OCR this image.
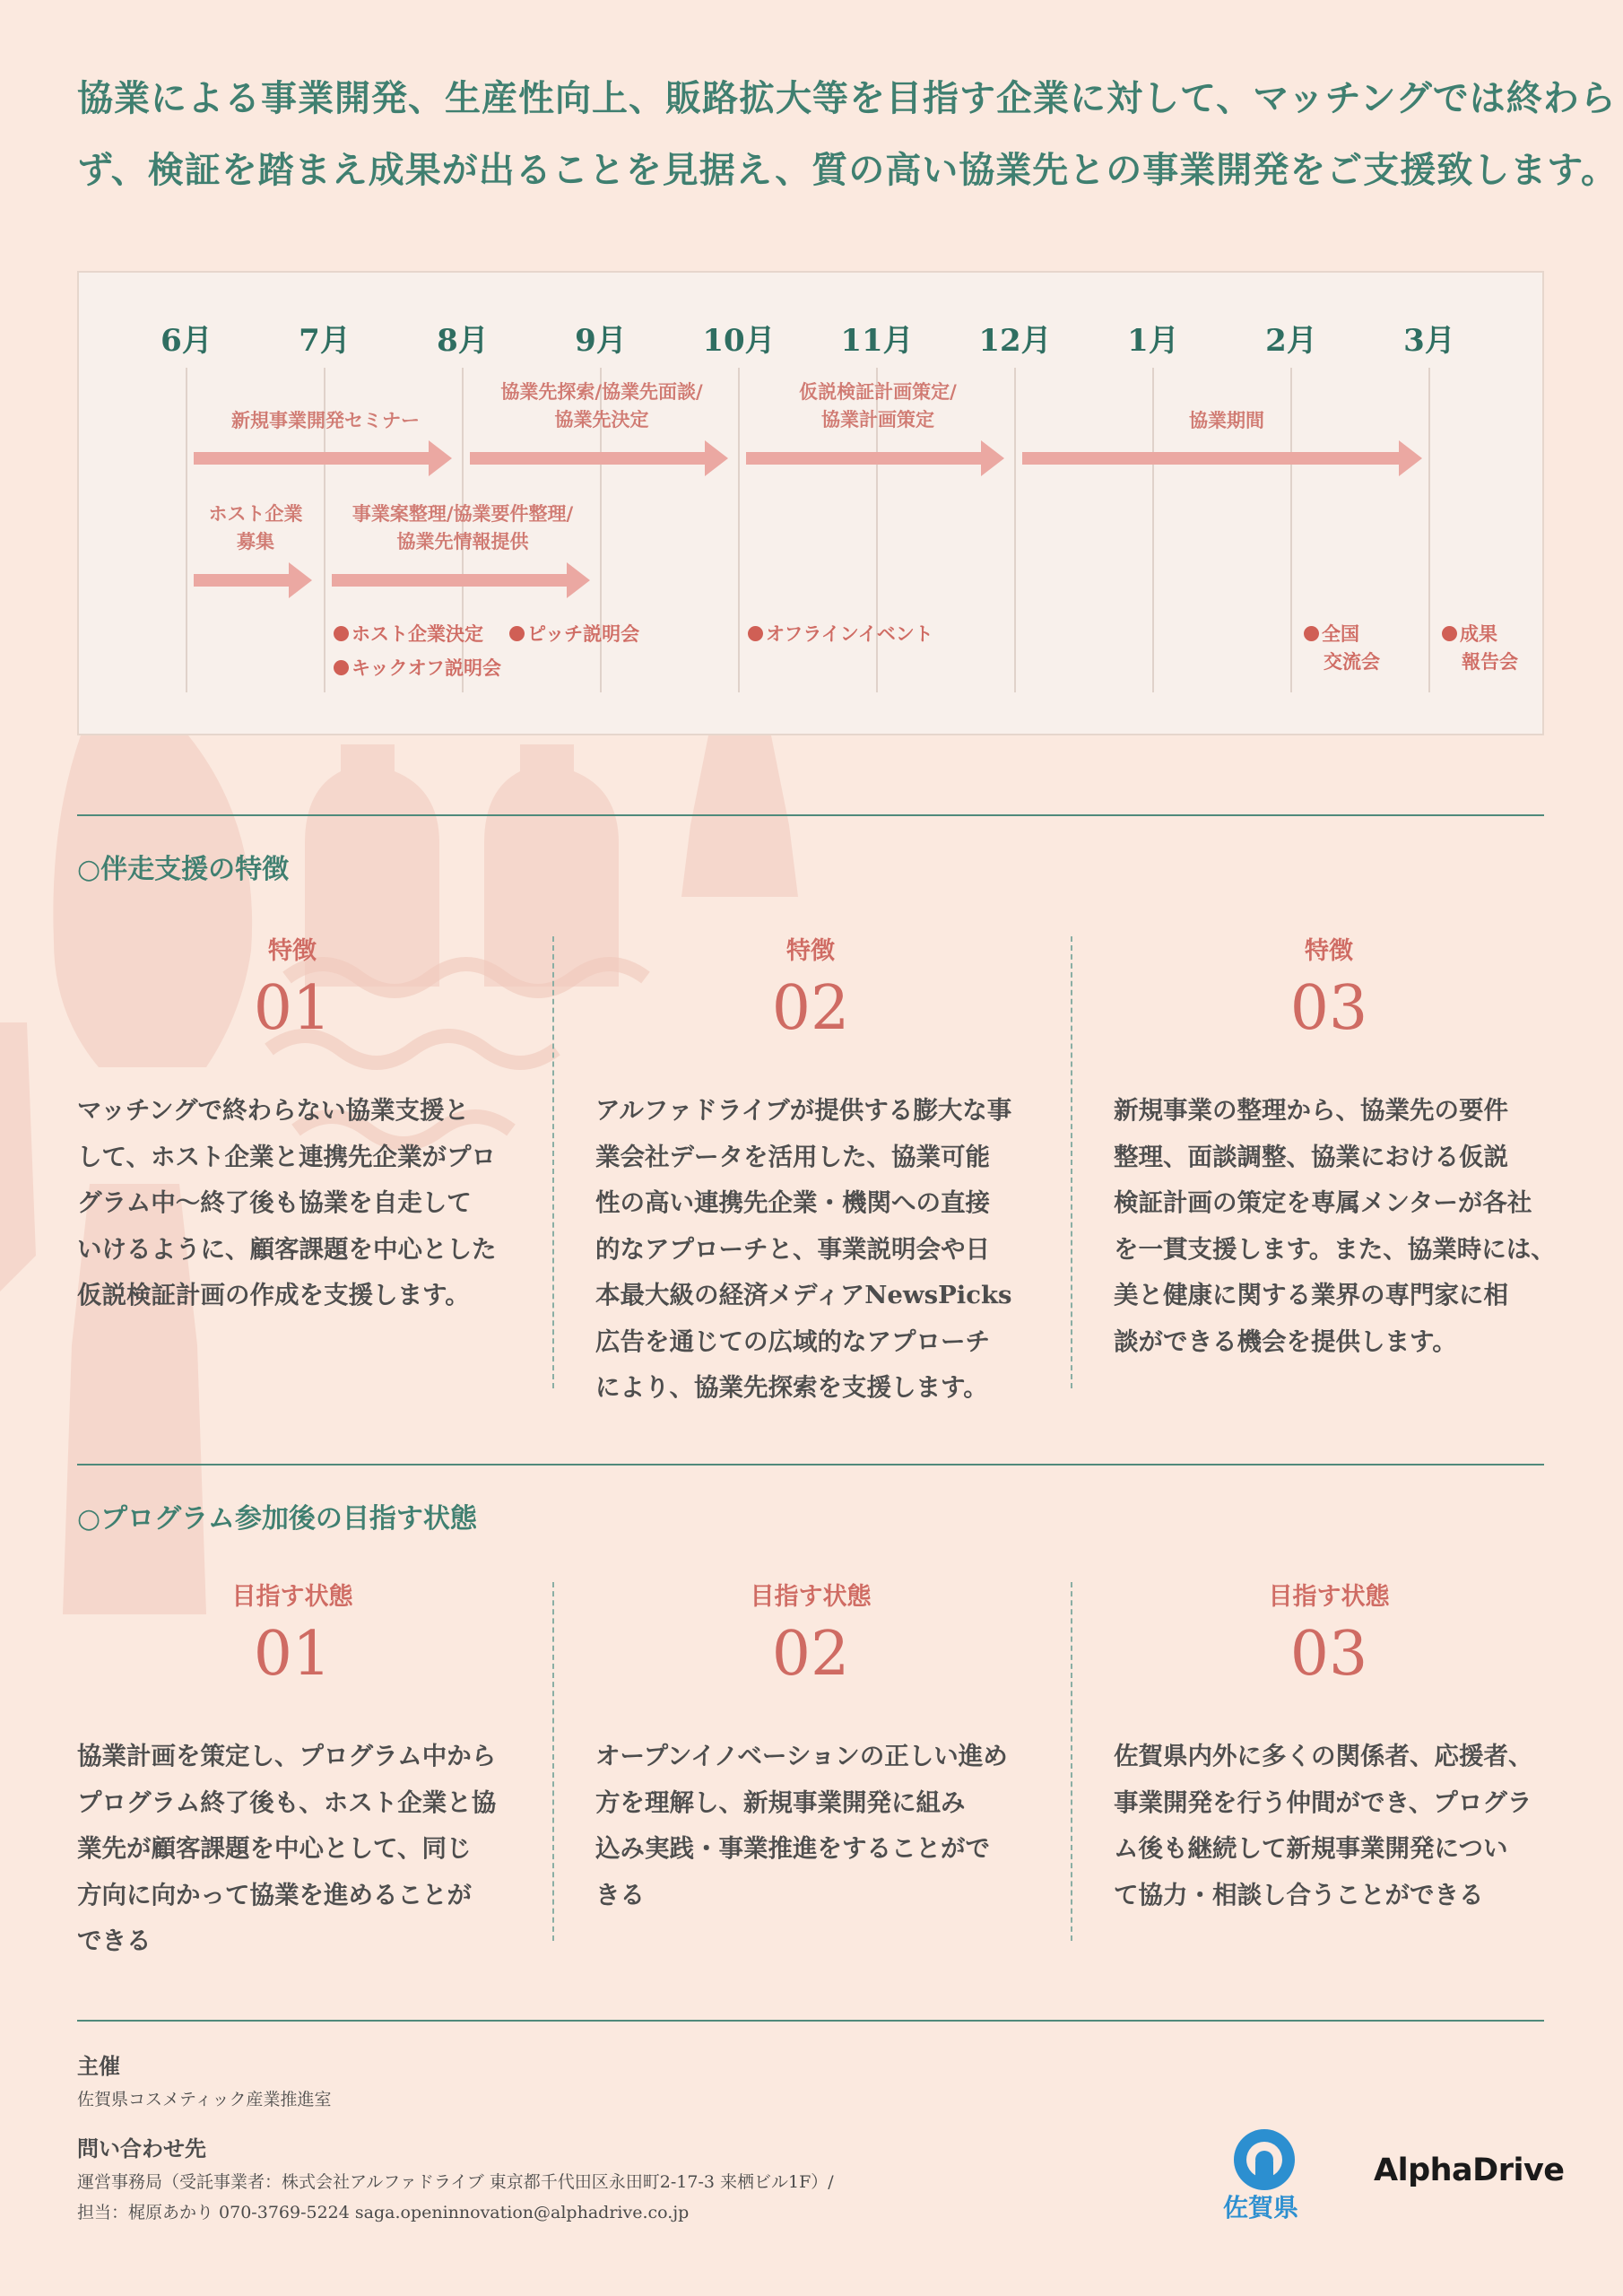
協業による事業開発、生産性向上、販路拡大等を目指す企業に対して、マッチングでは終わら
ず、検証を踏まえ成果が出ることを見据え、質の高い協業先との事業開発をご支援致します。
6月	7月	8月	9月	10月 11月 12月	1月	2月	3月
新規事業開発セミナー
協業先探索/協業先面談/
協業先決定
仮説検証計画策定/
協業計画策定	協業期間
ホスト企業
募集
事業案整理/協業要件整理/
協業先情報提供
ホスト企業決定	ピッチ説明会
キックオフ説明会
オフラインイベント	全国
交流会
成果
報告会
○伴走支援の特徴
特徴
01
マッチングで終わらない協業支援と
して、ホスト企業と連携先企業がプロ
グラム中～終了後も協業を自走して
いけるように、顧客課題を中心とした
仮説検証計画の作成を支援します。
特徴
02
アルファドライブが提供する膨大な事
業会社データを活用した、協業可能
性の高い連携先企業・機関への直接
的なアプローチと、事業説明会や日
本最大級の経済メディアNewsPicks
広告を通じての広域的なアプローチ
により、協業先探索を支援します。
特徴
03
新規事業の整理から、協業先の要件
整理、面談調整、協業における仮説
検証計画の策定を専属メンターが各社
を一貫支援します。また、協業時には、
美と健康に関する業界の専門家に相
談ができる機会を提供します。
○プログラム参加後の目指す状態
目指す状態
01
協業計画を策定し、プログラム中から
プログラム終了後も、ホスト企業と協
業先が顧客課題を中心として、同じ
方向に向かって協業を進めることが
できる
目指す状態
02
オープンイノベーションの正しい進め
方を理解し、新規事業開発に組み
込み実践・事業推進をすることがで
きる
目指す状態
03
佐賀県内外に多くの関係者、応援者、
事業開発を行う仲間ができ、プログラ
ム後も継続して新規事業開発につい
て協力・相談し合うことができる
主催
佐賀県コスメティック産業推進室
問い合わせ先
運営事務局（受託事業者：株式会社アルファドライブ 東京都千代田区永田町2-17-3 来栖ビル1F）/
担当：梶原あかり 070-3769-5224 saga.openinnovation@alphadrive.co.jp	佐賀県
AlphaDrive
